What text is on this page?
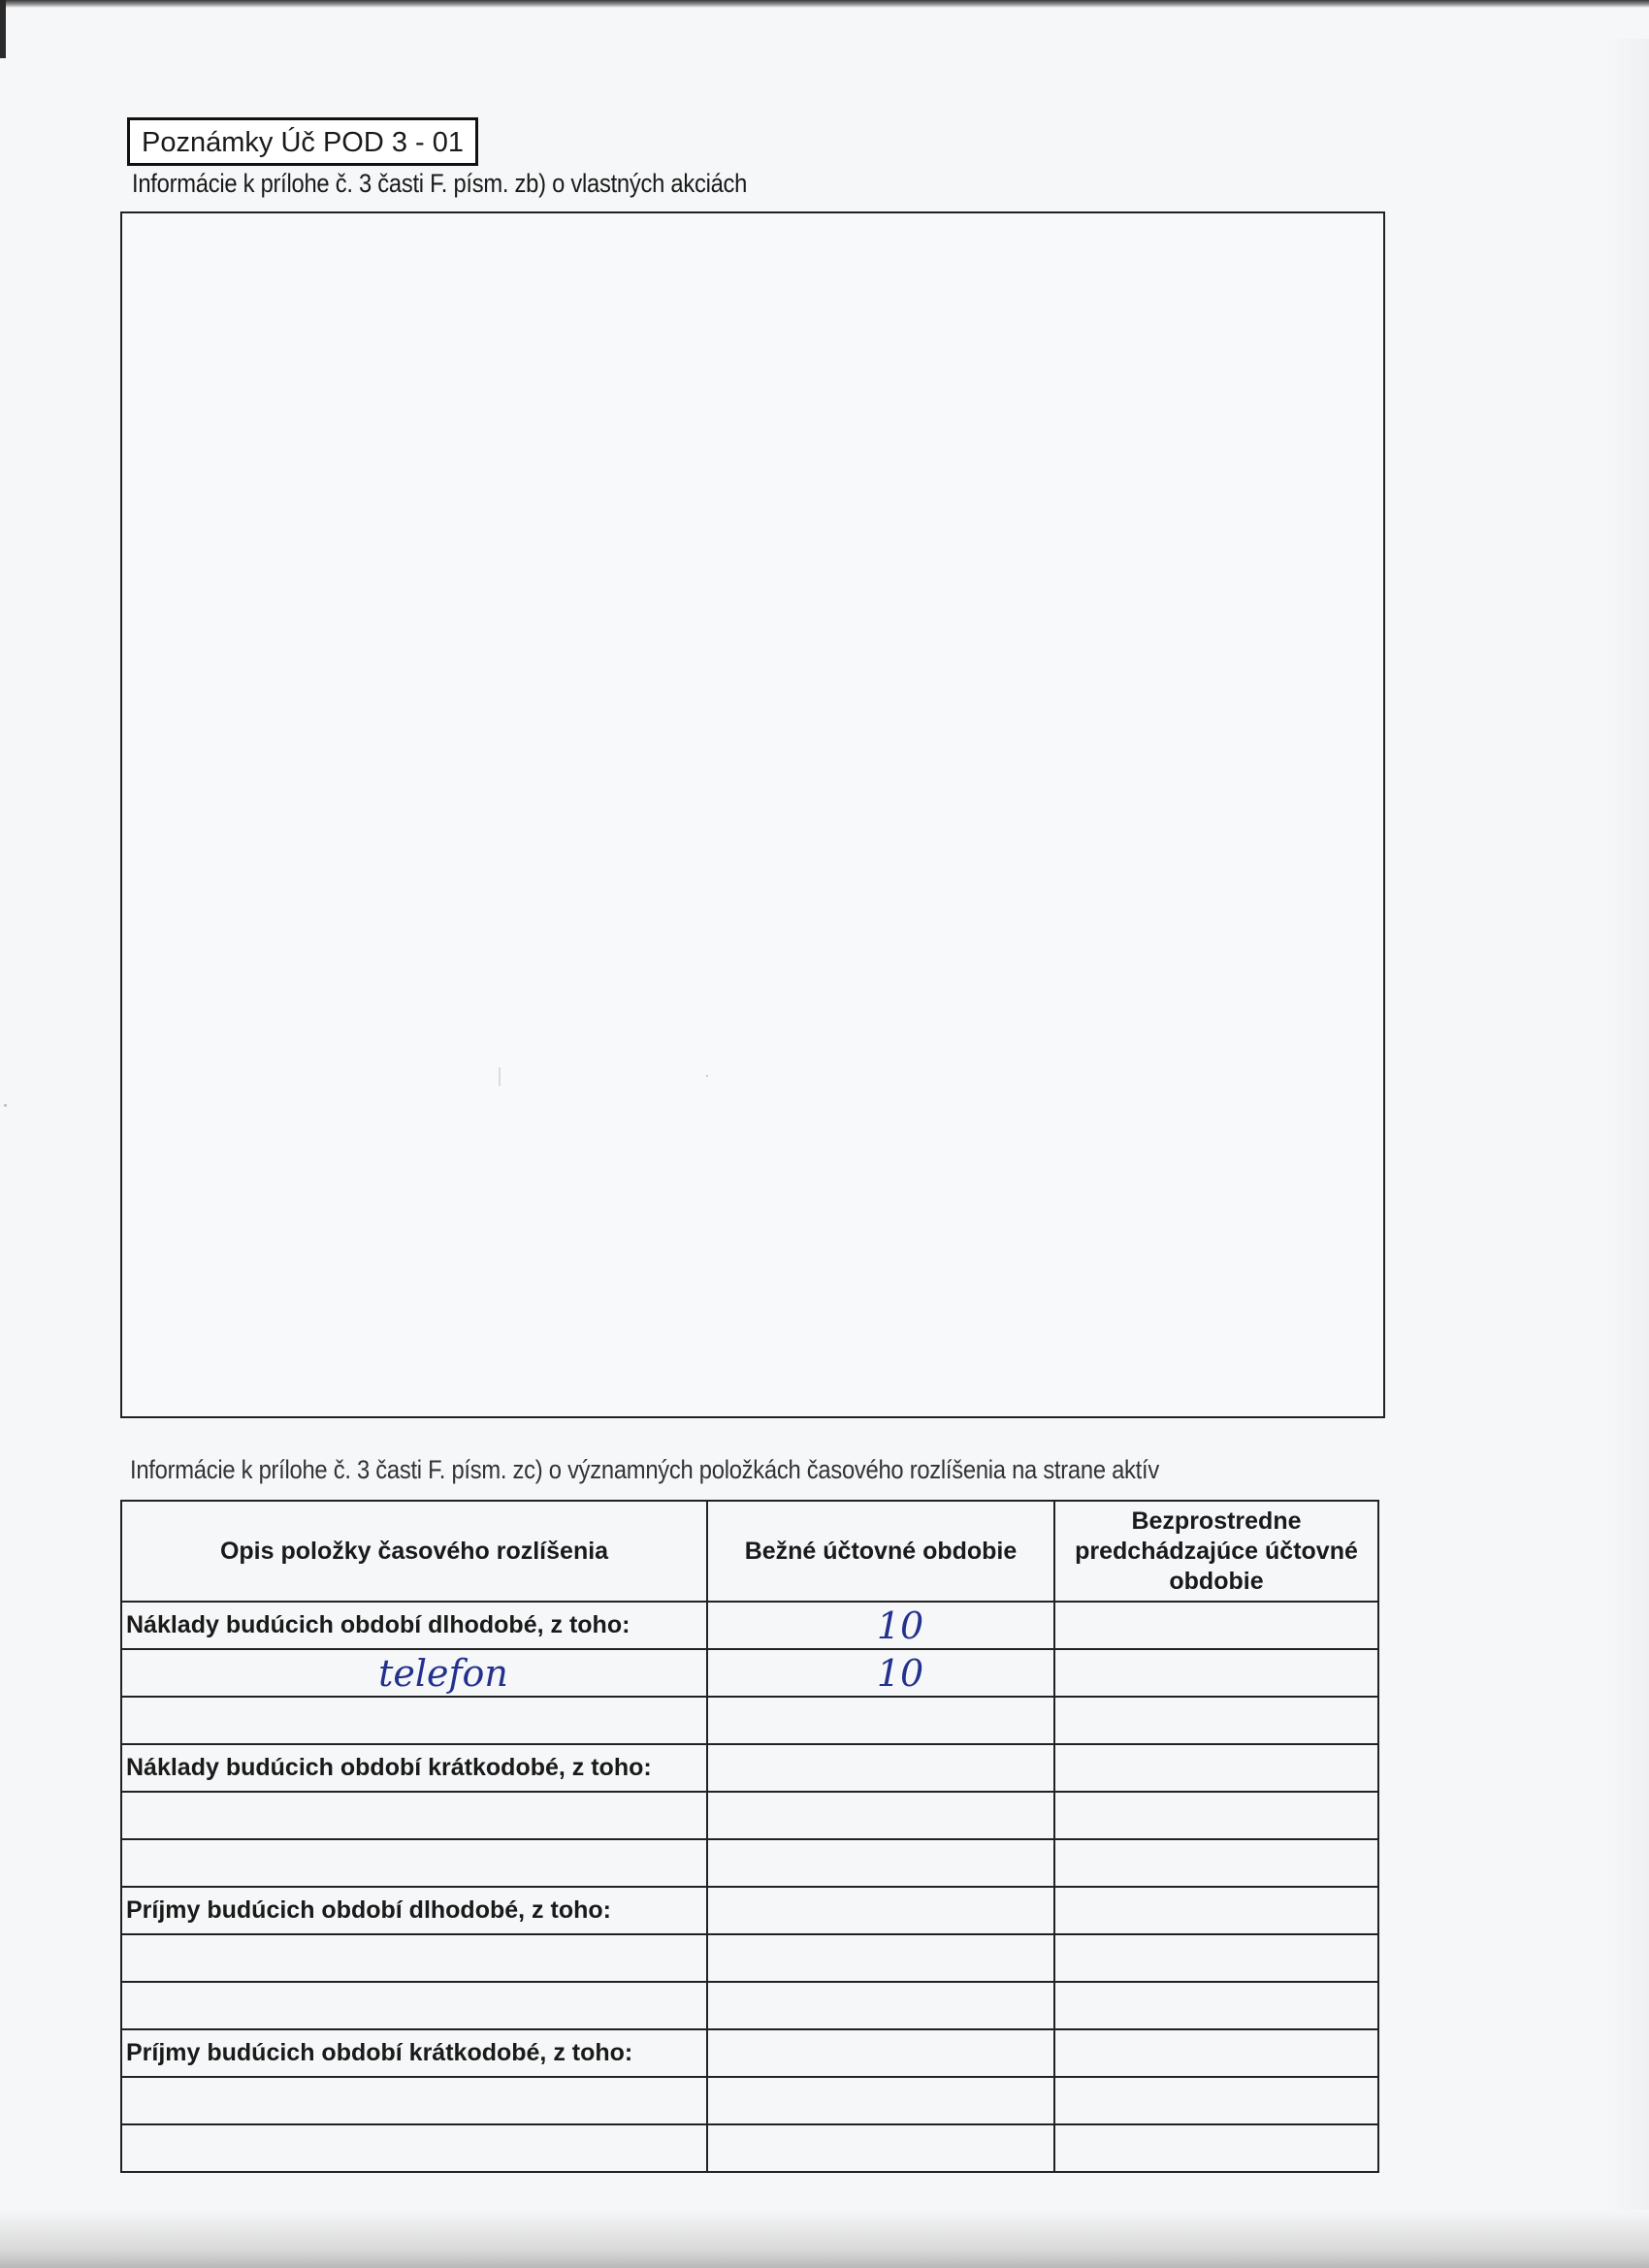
Poznámky Úč POD 3 - 01
Informácie k prílohe č. 3 časti F. písm. zb) o vlastných akciách
Informácie k prílohe č. 3 časti F. písm. zc) o významných položkách časového rozlíšenia na strane aktív
Opis položky časového rozlíšenia	Bežné účtovné obdobie	Bezprostredne predchádzajúce účtovné obdobie
Náklady budúcich období dlhodobé, z toho:	10	
telefon	10	

Náklady budúcich období krátkodobé, z toho:		

Príjmy budúcich období dlhodobé, z toho:		

Príjmy budúcich období krátkodobé, z toho:		
